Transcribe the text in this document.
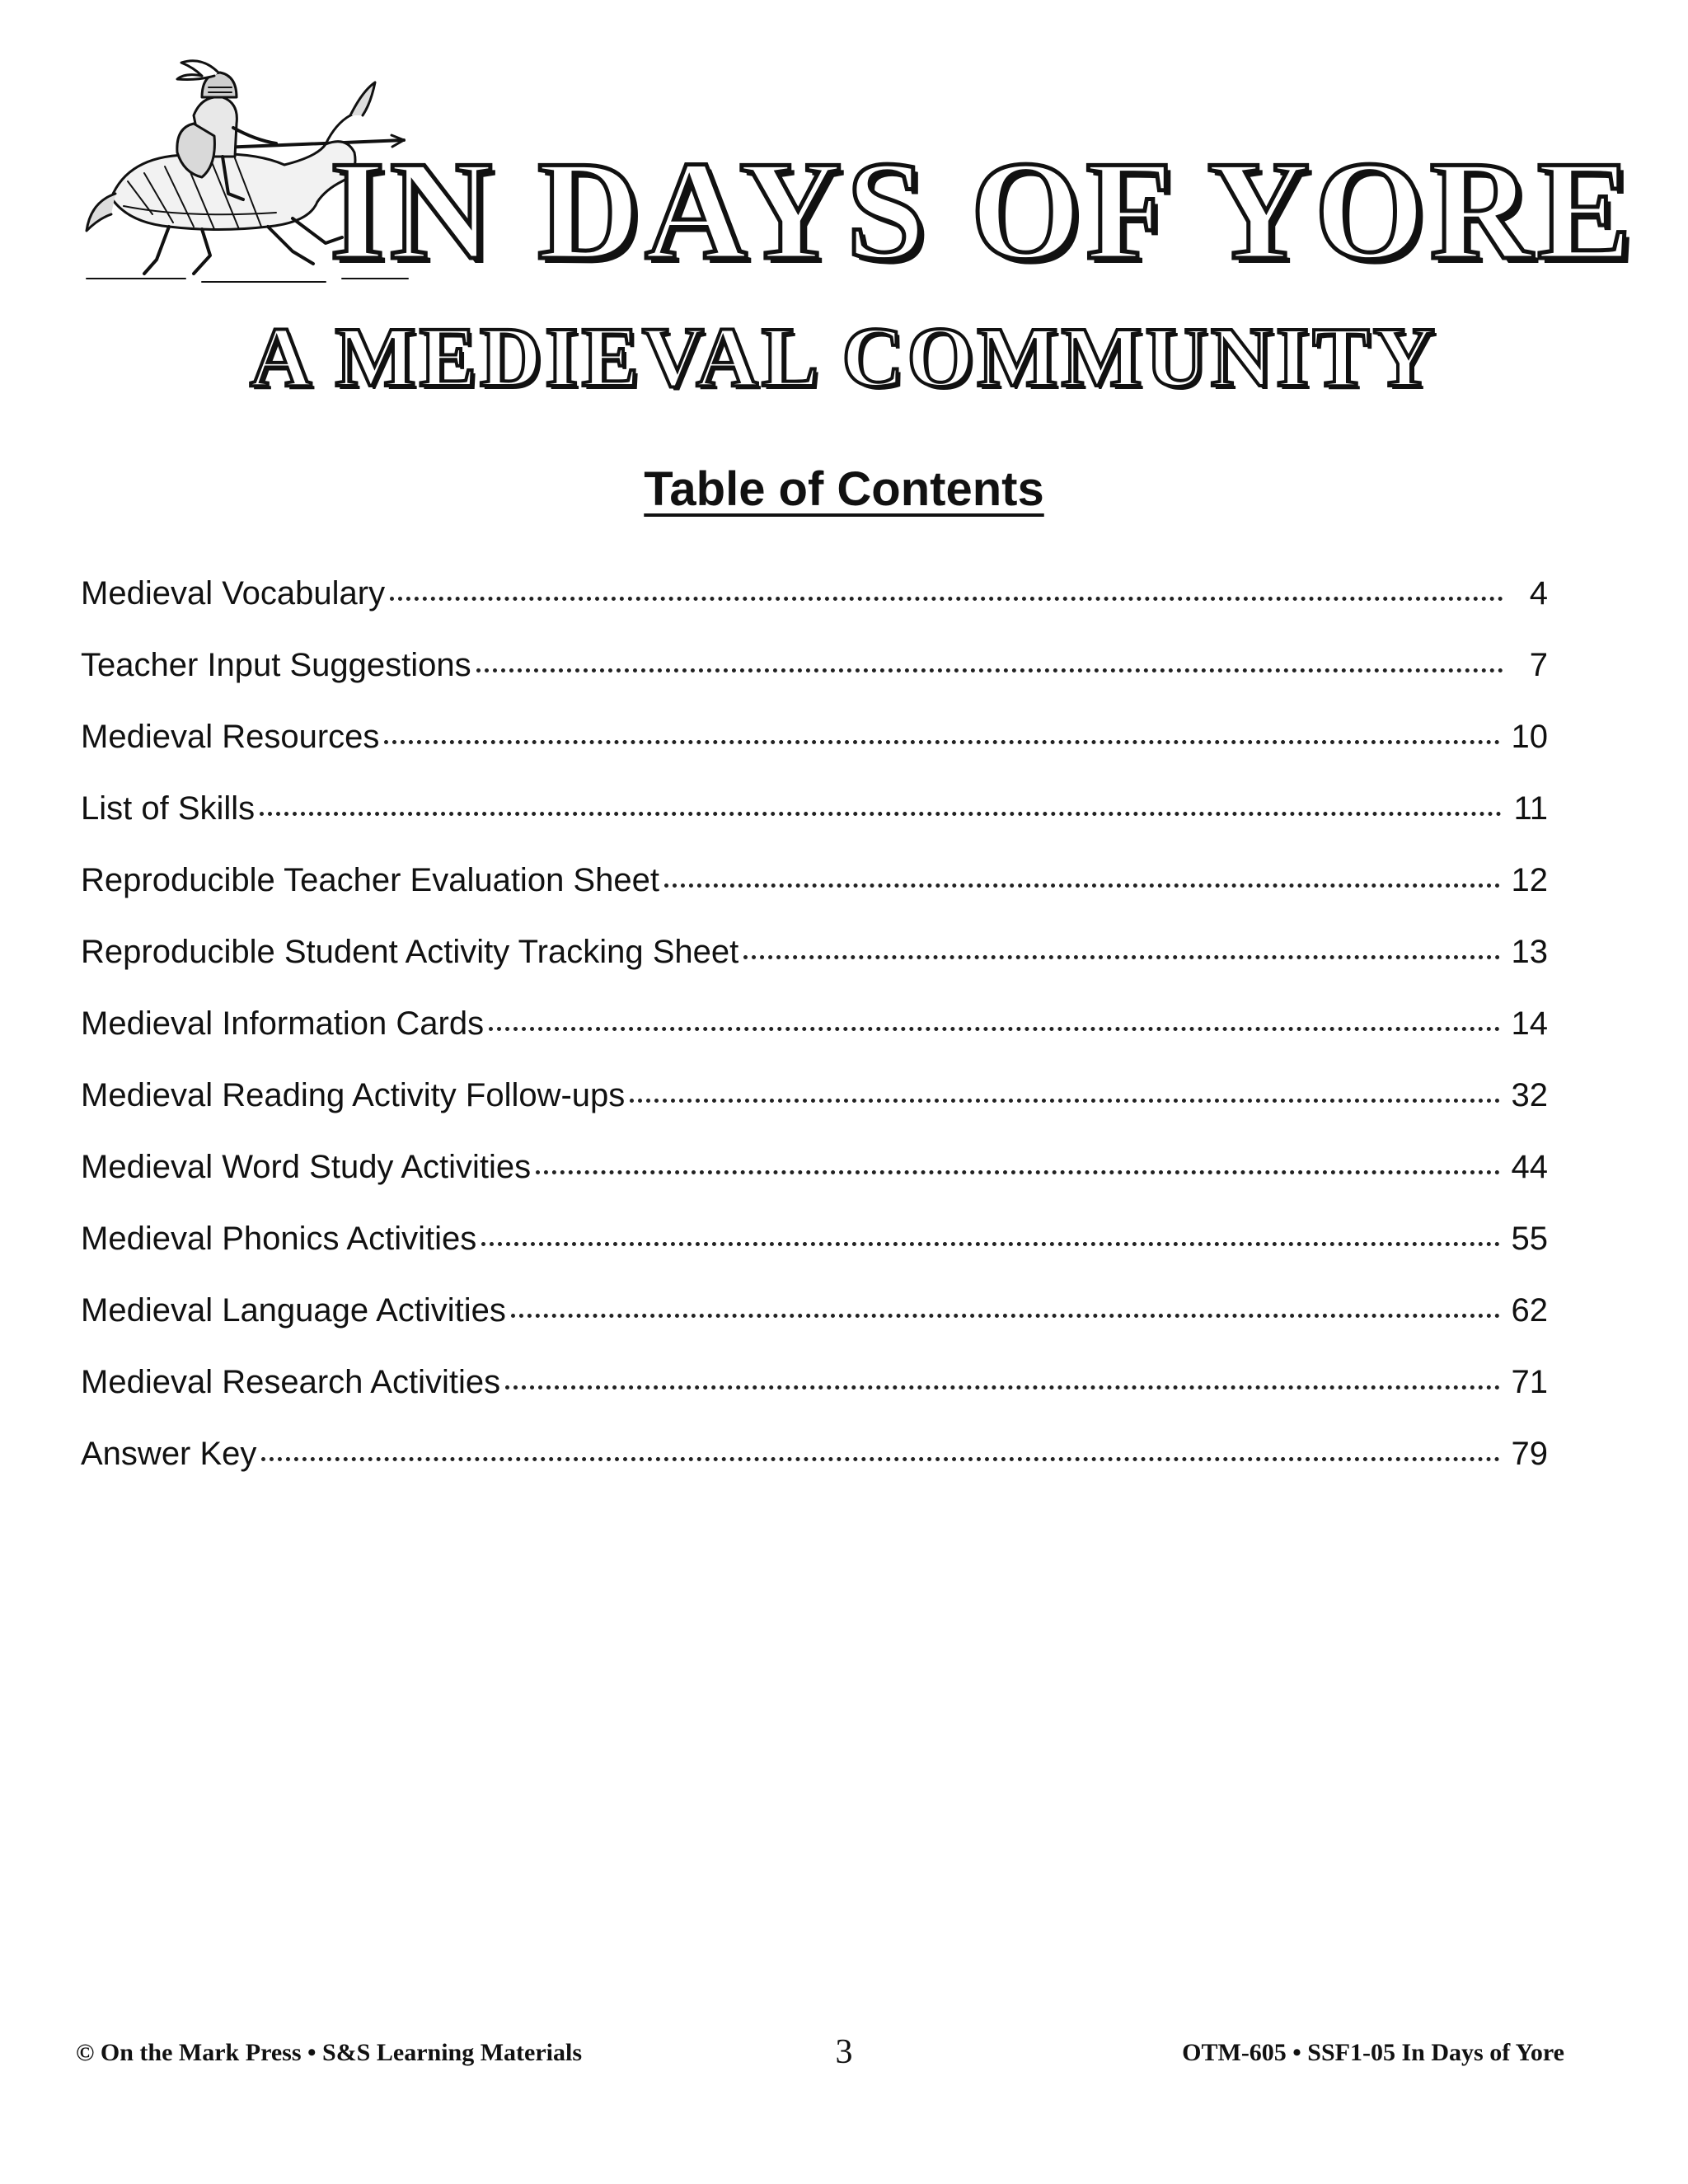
IN DAYS OF YORE
A MEDIEVAL COMMUNITY
Table of Contents
Medieval Vocabulary	4
Teacher Input Suggestions	7
Medieval Resources	10
List of Skills	11
Reproducible Teacher Evaluation Sheet	12
Reproducible Student Activity Tracking Sheet	13
Medieval Information Cards	14
Medieval Reading Activity Follow-ups	32
Medieval Word Study Activities	44
Medieval Phonics Activities	55
Medieval Language Activities	62
Medieval Research Activities	71
Answer Key	79
© On the Mark Press • S&S Learning Materials	3	OTM-605 • SSF1-05 In Days of Yore
